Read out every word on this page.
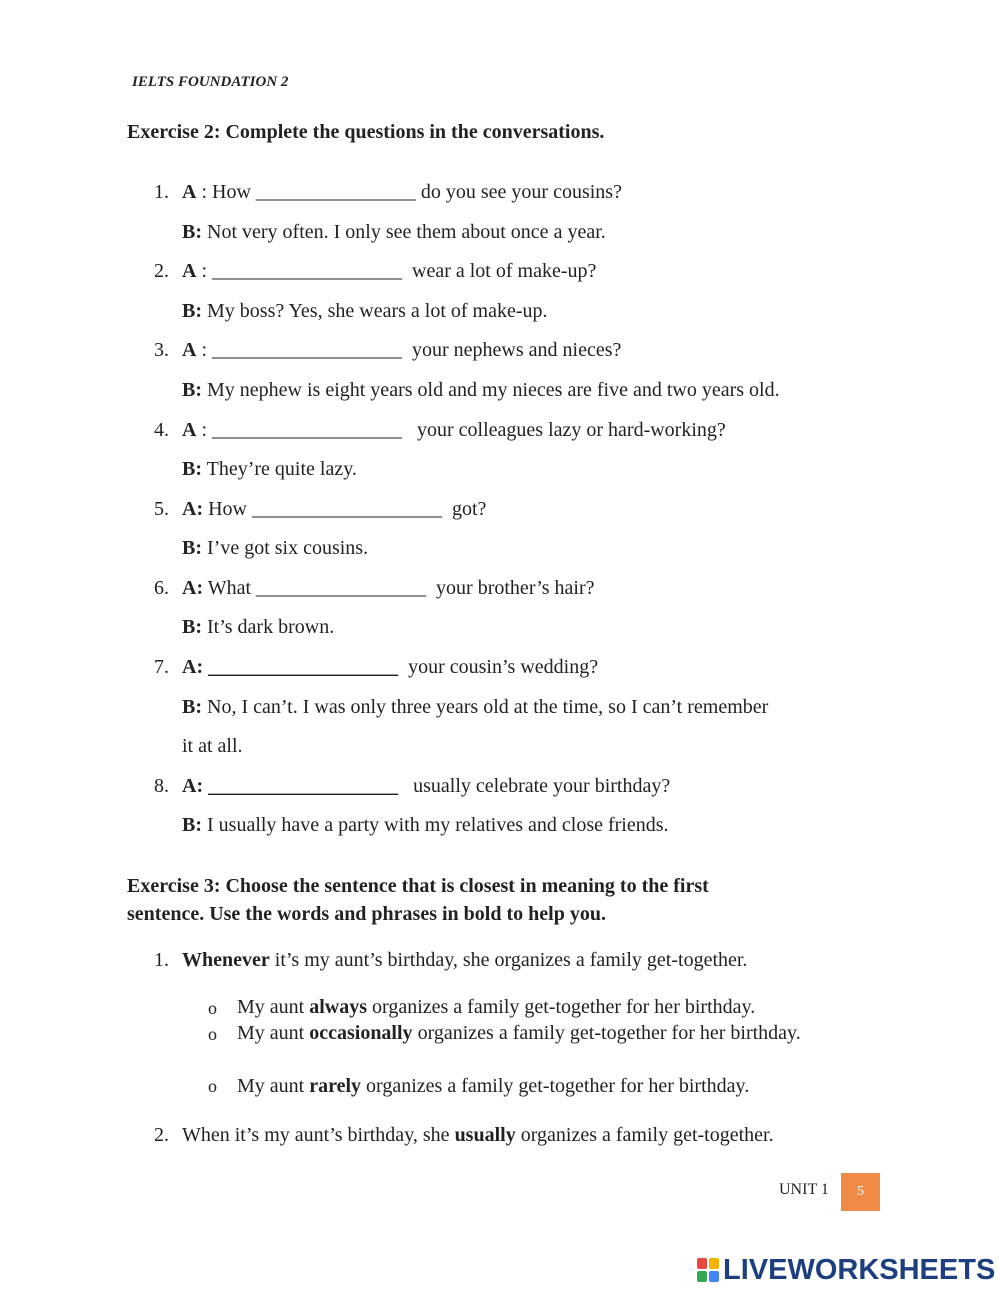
IELTS FOUNDATION 2
Exercise 2: Complete the questions in the conversations.
1. A : How ________________ do you see your cousins?
B: Not very often. I only see them about once a year.
2. A : ___________________  wear a lot of make-up?
B: My boss? Yes, she wears a lot of make-up.
3. A : ___________________  your nephews and nieces?
B: My nephew is eight years old and my nieces are five and two years old.
4. A : ___________________   your colleagues lazy or hard-working?
B: They’re quite lazy.
5. A: How ___________________  got?
B: I’ve got six cousins.
6. A: What _________________  your brother’s hair?
B: It’s dark brown.
7. A: ___________________  your cousin’s wedding?
B: No, I can’t. I was only three years old at the time, so I can’t remember
it at all.
8. A: ___________________   usually celebrate your birthday?
B: I usually have a party with my relatives and close friends.
Exercise 3: Choose the sentence that is closest in meaning to the first
sentence. Use the words and phrases in bold to help you.
1. Whenever it’s my aunt’s birthday, she organizes a family get-together.
o My aunt always organizes a family get-together for her birthday.
o My aunt occasionally organizes a family get-together for her birthday.
o My aunt rarely organizes a family get-together for her birthday.
2. When it’s my aunt’s birthday, she usually organizes a family get-together.
UNIT 1	5
LIVEWORKSHEETS
